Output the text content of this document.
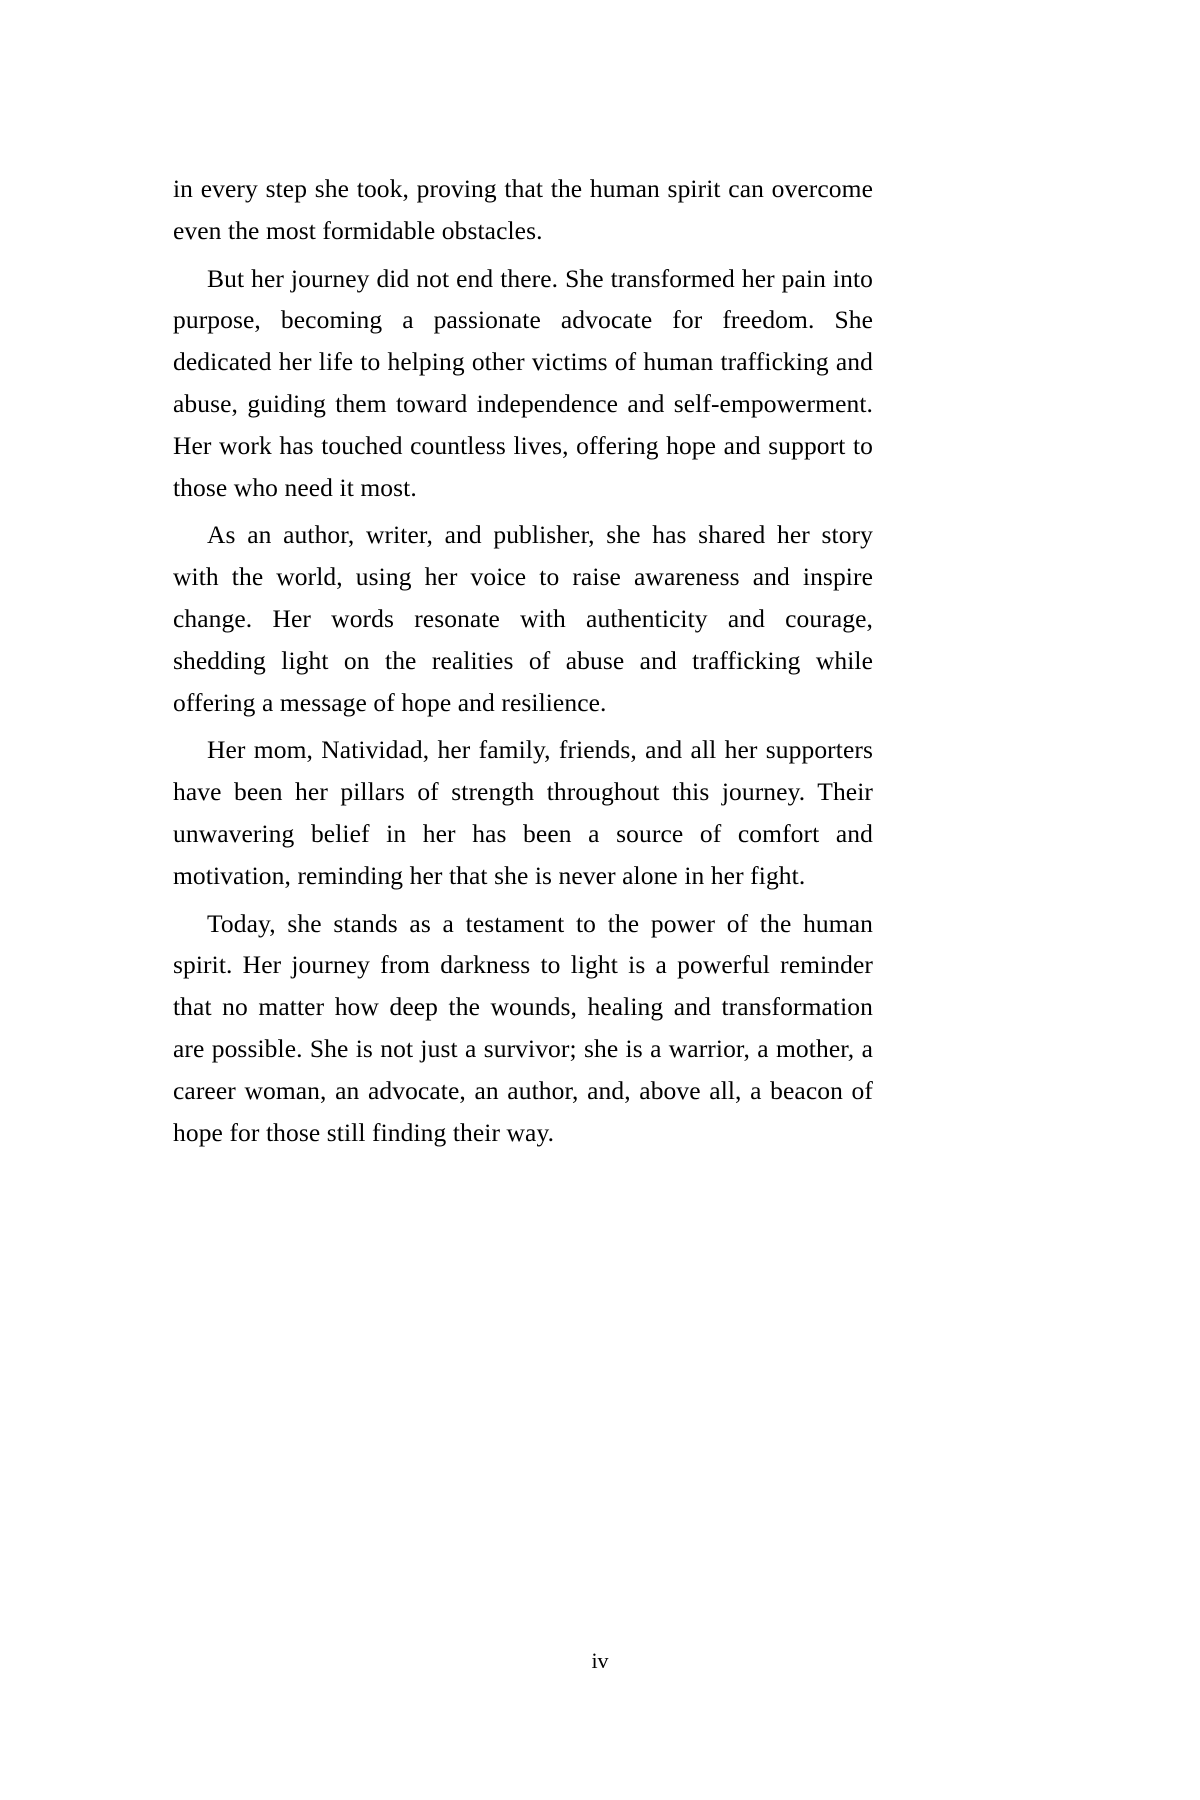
in every step she took, proving that the human spirit can overcome even the most formidable obstacles.

But her journey did not end there. She transformed her pain into purpose, becoming a passionate advocate for freedom. She dedicated her life to helping other victims of human trafficking and abuse, guiding them toward independence and self-empowerment. Her work has touched countless lives, offering hope and support to those who need it most.

As an author, writer, and publisher, she has shared her story with the world, using her voice to raise awareness and inspire change. Her words resonate with authenticity and courage, shedding light on the realities of abuse and trafficking while offering a message of hope and resilience.

Her mom, Natividad, her family, friends, and all her supporters have been her pillars of strength throughout this journey. Their unwavering belief in her has been a source of comfort and motivation, reminding her that she is never alone in her fight.

Today, she stands as a testament to the power of the human spirit. Her journey from darkness to light is a powerful reminder that no matter how deep the wounds, healing and transformation are possible. She is not just a survivor; she is a warrior, a mother, a career woman, an advocate, an author, and, above all, a beacon of hope for those still finding their way.

iv
